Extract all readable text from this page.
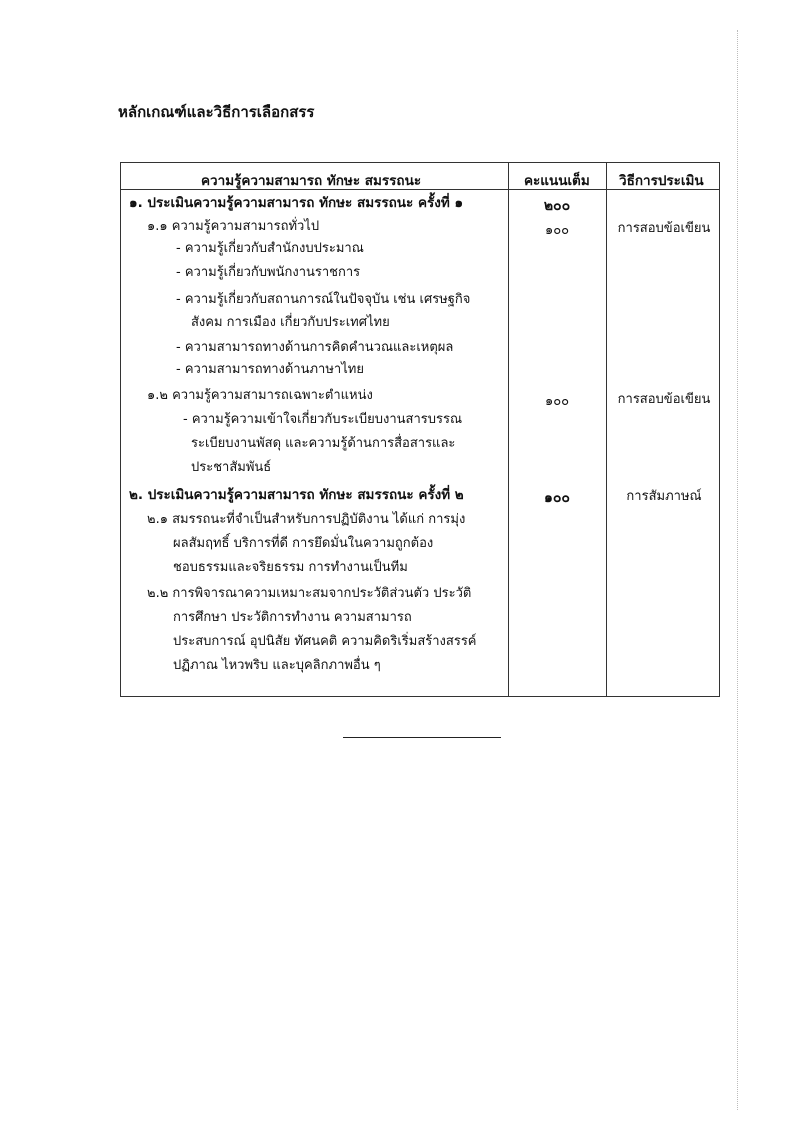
หลักเกณฑ์และวิธีการเลือกสรร
ความรู้ความสามารถ ทักษะ สมรรถนะ	คะแนนเต็ม วิธีการประเมิน
๑. ประเมินความรู้ความสามารถ ทักษะ สมรรถนะ ครั้งที่ ๑	๒๐๐
๑.๑ ความรู้ความสามารถทั่วไป	๑๐๐	การสอบข้อเขียน
- ความรู้เกี่ยวกับสำนักงบประมาณ
- ความรู้เกี่ยวกับพนักงานราชการ
- ความรู้เกี่ยวกับสถานการณ์ในปัจจุบัน เช่น เศรษฐกิจ
สังคม การเมือง เกี่ยวกับประเทศไทย
- ความสามารถทางด้านการคิดคำนวณและเหตุผล
- ความสามารถทางด้านภาษาไทย
๑.๒ ความรู้ความสามารถเฉพาะตำแหน่ง	๑๐๐	การสอบข้อเขียน
- ความรู้ความเข้าใจเกี่ยวกับระเบียบงานสารบรรณ
ระเบียบงานพัสดุ และความรู้ด้านการสื่อสารและ
ประชาสัมพันธ์
๒. ประเมินความรู้ความสามารถ ทักษะ สมรรถนะ ครั้งที่ ๒	๑๐๐	การสัมภาษณ์
๒.๑ สมรรถนะที่จำเป็นสำหรับการปฏิบัติงาน ได้แก่ การมุ่ง
ผลสัมฤทธิ์ บริการที่ดี การยึดมั่นในความถูกต้อง
ชอบธรรมและจริยธรรม การทำงานเป็นทีม
๒.๒ การพิจารณาความเหมาะสมจากประวัติส่วนตัว ประวัติ
การศึกษา ประวัติการทำงาน ความสามารถ
ประสบการณ์ อุปนิสัย ทัศนคติ ความคิดริเริ่มสร้างสรรค์
ปฏิภาณ ไหวพริบ และบุคลิกภาพอื่น ๆ
